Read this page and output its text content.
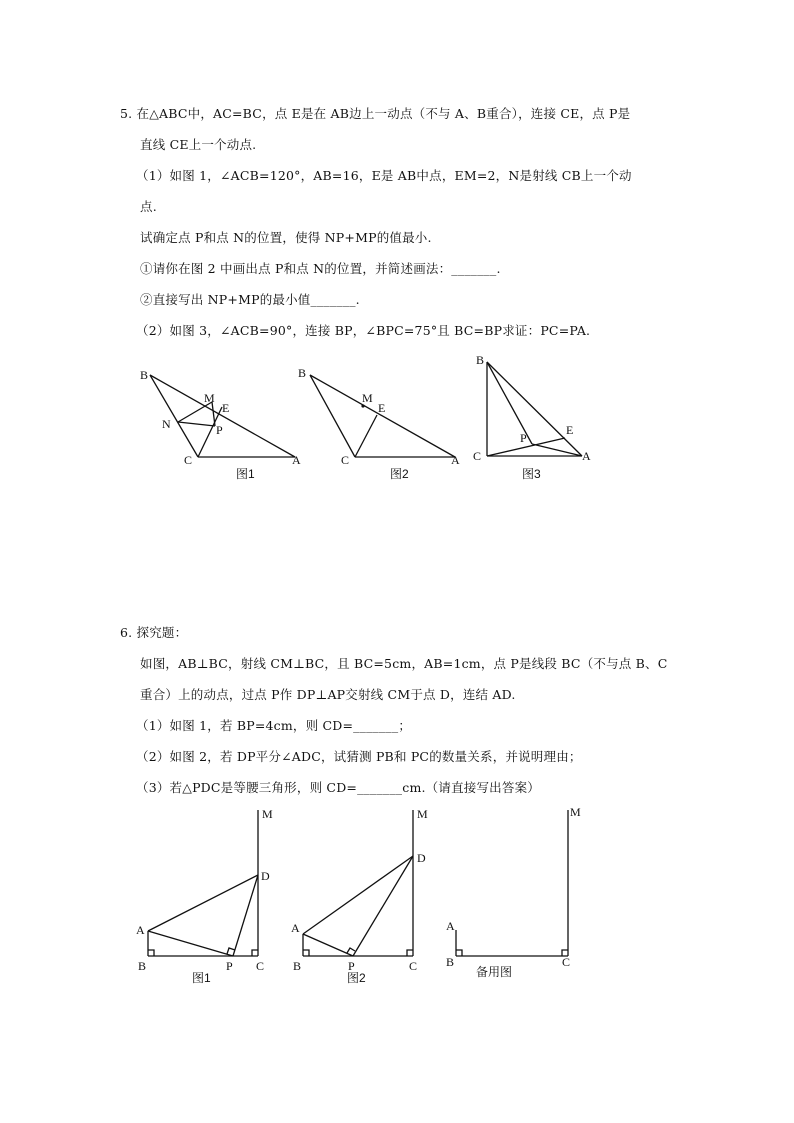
5. 在△ABC中，AC=BC，点 E是在 AB边上一动点（不与 A、B重合），连接 CE，点 P是
直线 CE上一个动点.
（1）如图 1，∠ACB=120°，AB=16，E是 AB中点，EM=2，N是射线 CB上一个动
点.
试确定点 P和点 N的位置，使得 NP+MP的值最小.
①请你在图 2 中画出点 P和点 N的位置，并简述画法：_______.
②直接写出 NP+MP的最小值_______.
（2）如图 3，∠ACB=90°，连接 BP，∠BPC=75°且 BC=BP求证：PC=PA.
B
M
E
N	P
C	A
图1
B
M
E
C	A
图2
B
E
P
C	A
图3
6. 探究题：
如图，AB⊥BC，射线 CM⊥BC，且 BC=5cm，AB=1cm，点 P是线段 BC（不与点 B、C
重合）上的动点，过点 P作 DP⊥AP交射线 CM于点 D，连结 AD.
（1）如图 1，若 BP=4cm，则 CD=_______；
（2）如图 2，若 DP平分∠ADC，试猜测 PB和 PC的数量关系，并说明理由；
（3）若△PDC是等腰三角形，则 CD=_______cm.（请直接写出答案）
M
D
A
B	P C
图1
M
D
A
B	P	C
图2
M
A
B	C
备用图
